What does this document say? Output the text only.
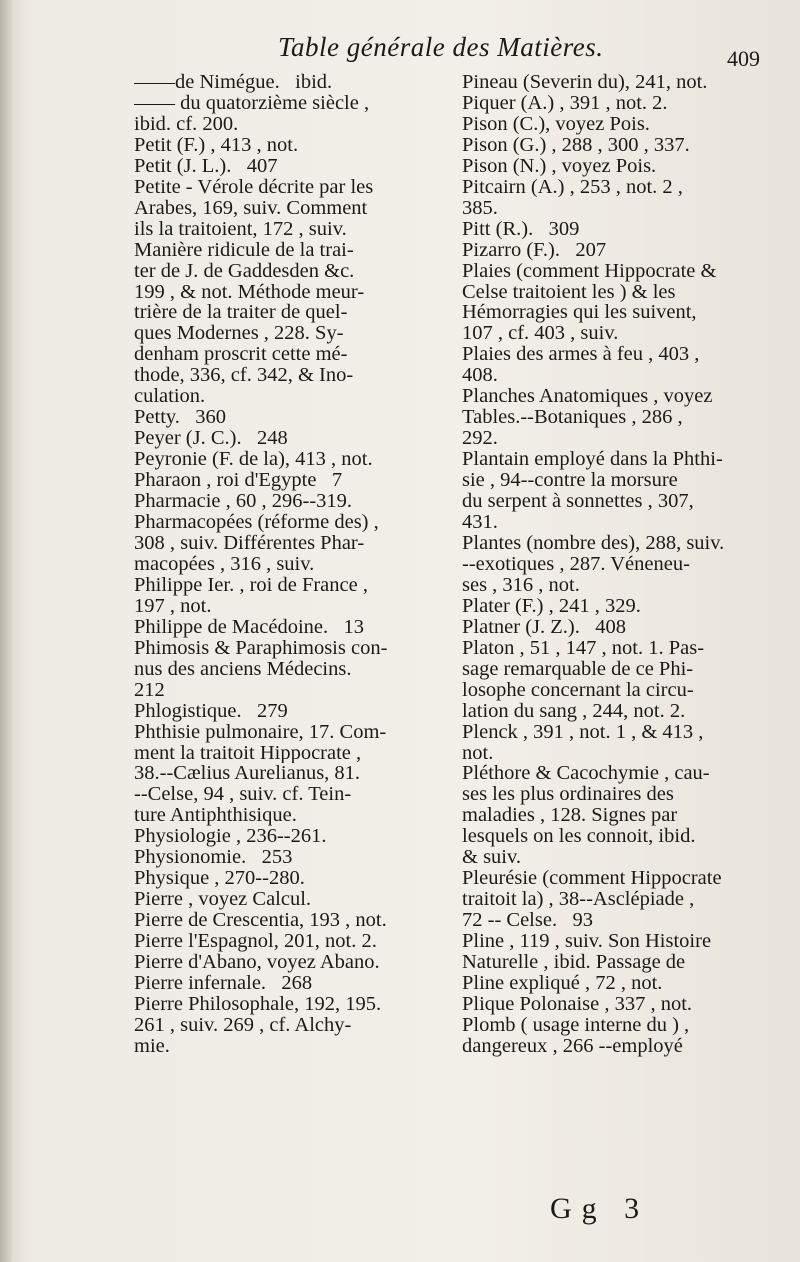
Table générale des Matières.	409
——de Nimégue.   ibid.
—— du quatorzième siècle ,
ibid. cf. 200.
Petit (F.) , 413 , not.
Petit (J. L.).   407
Petite - Vérole décrite par les
Arabes, 169, suiv. Comment
ils la traitoient, 172 , suiv.
Manière ridicule de la trai-
ter de J. de Gaddesden &c.
199 , & not. Méthode meur-
trière de la traiter de quel-
ques Modernes , 228. Sy-
denham proscrit cette mé-
thode, 336, cf. 342, & Ino-
culation.
Petty.   360
Peyer (J. C.).   248
Peyronie (F. de la), 413 , not.
Pharaon , roi d'Egypte   7
Pharmacie , 60 , 296--319.
Pharmacopées (réforme des) ,
308 , suiv. Différentes Phar-
macopées , 316 , suiv.
Philippe Ier. , roi de France ,
197 , not.
Philippe de Macédoine.   13
Phimosis & Paraphimosis con-
nus des anciens Médecins.
212
Phlogistique.   279
Phthisie pulmonaire, 17. Com-
ment la traitoit Hippocrate ,
38.--Cælius Aurelianus, 81.
--Celse, 94 , suiv. cf. Tein-
ture Antiphthisique.
Physiologie , 236--261.
Physionomie.   253
Physique , 270--280.
Pierre , voyez Calcul.
Pierre de Crescentia, 193 , not.
Pierre l'Espagnol, 201, not. 2.
Pierre d'Abano, voyez Abano.
Pierre infernale.   268
Pierre Philosophale, 192, 195.
261 , suiv. 269 , cf. Alchy-
mie.
Pineau (Severin du), 241, not.
Piquer (A.) , 391 , not. 2.
Pison (C.), voyez Pois.
Pison (G.) , 288 , 300 , 337.
Pison (N.) , voyez Pois.
Pitcairn (A.) , 253 , not. 2 ,
385.
Pitt (R.).   309
Pizarro (F.).   207
Plaies (comment Hippocrate &
Celse traitoient les ) & les
Hémorragies qui les suivent,
107 , cf. 403 , suiv.
Plaies des armes à feu , 403 ,
408.
Planches Anatomiques , voyez
Tables.--Botaniques , 286 ,
292.
Plantain employé dans la Phthi-
sie , 94--contre la morsure
du serpent à sonnettes , 307,
431.
Plantes (nombre des), 288, suiv.
--exotiques , 287. Véneneu-
ses , 316 , not.
Plater (F.) , 241 , 329.
Platner (J. Z.).   408
Platon , 51 , 147 , not. 1. Pas-
sage remarquable de ce Phi-
losophe concernant la circu-
lation du sang , 244, not. 2.
Plenck , 391 , not. 1 , & 413 ,
not.
Pléthore & Cacochymie , cau-
ses les plus ordinaires des
maladies , 128. Signes par
lesquels on les connoit, ibid.
& suiv.
Pleurésie (comment Hippocrate
traitoit la) , 38--Asclépiade ,
72 -- Celse.   93
Pline , 119 , suiv. Son Histoire
Naturelle , ibid. Passage de
Pline expliqué , 72 , not.
Plique Polonaise , 337 , not.
Plomb ( usage interne du ) ,
dangereux , 266 --employé
Gg 3
